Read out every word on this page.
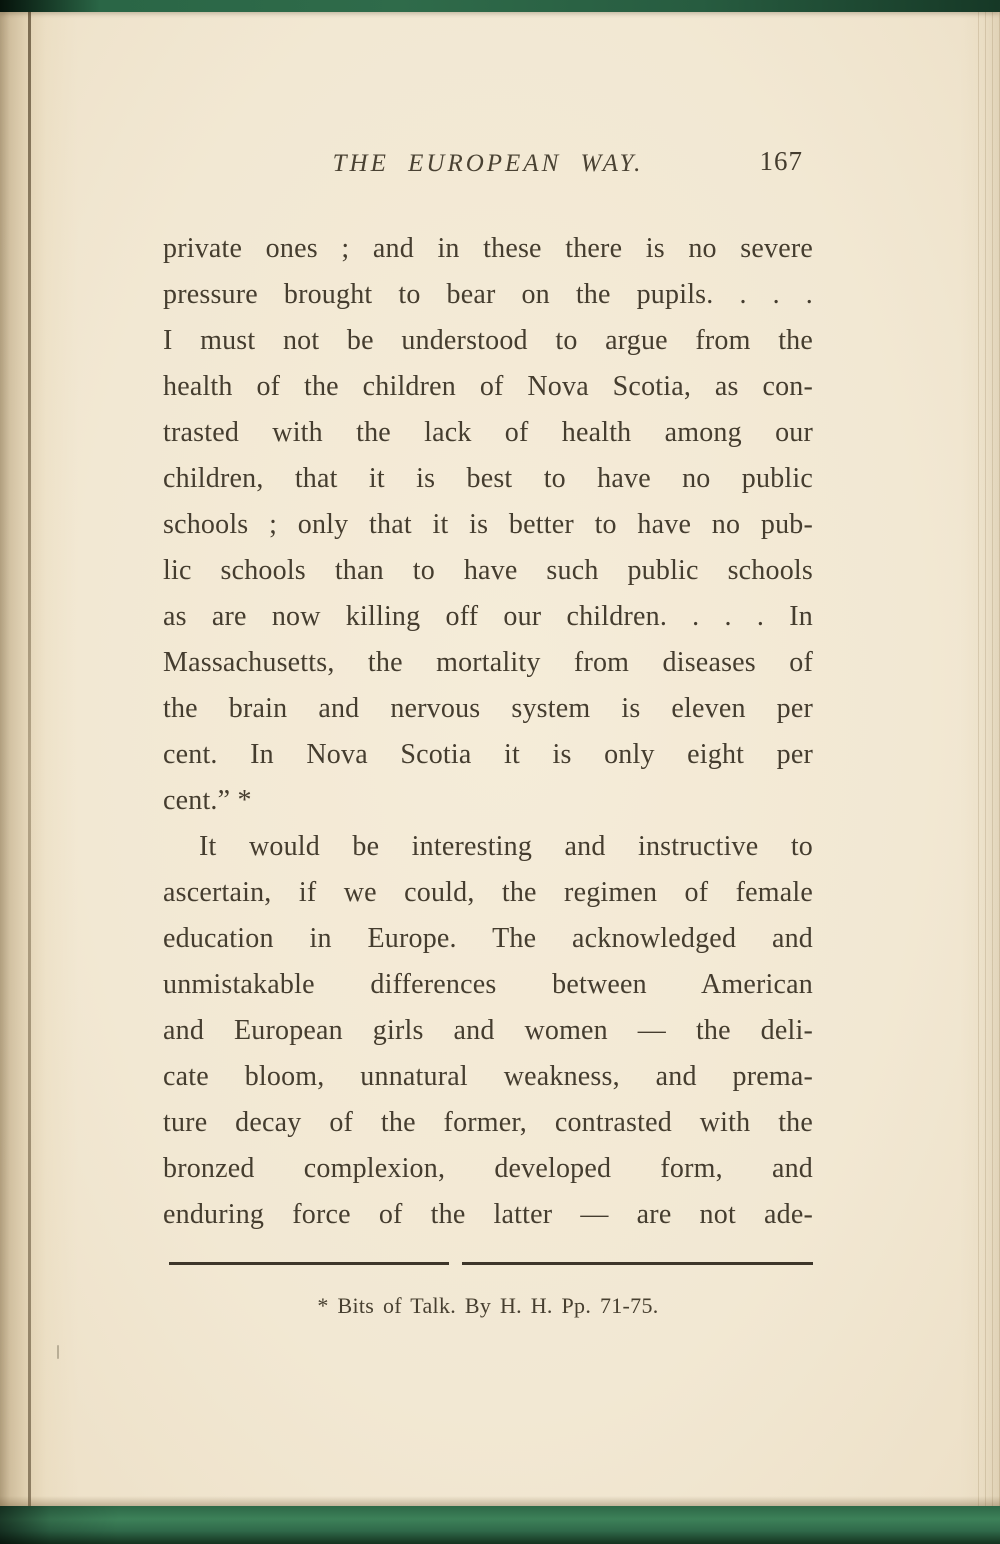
THE EUROPEAN WAY.	167
private ones ; and in these there is no severe
pressure brought to bear on the pupils. . . .
I must not be understood to argue from the
health of the children of Nova Scotia, as con-
trasted with the lack of health among our
children, that it is best to have no public
schools ; only that it is better to have no pub-
lic schools than to have such public schools
as are now killing off our children. . . . In
Massachusetts, the mortality from diseases of
the brain and nervous system is eleven per
cent. In Nova Scotia it is only eight per
cent.” *
It would be interesting and instructive to
ascertain, if we could, the regimen of female
education in Europe. The acknowledged and
unmistakable differences between American
and European girls and women — the deli-
cate bloom, unnatural weakness, and prema-
ture decay of the former, contrasted with the
bronzed complexion, developed form, and
enduring force of the latter — are not ade-
* Bits of Talk. By H. H. Pp. 71-75.
